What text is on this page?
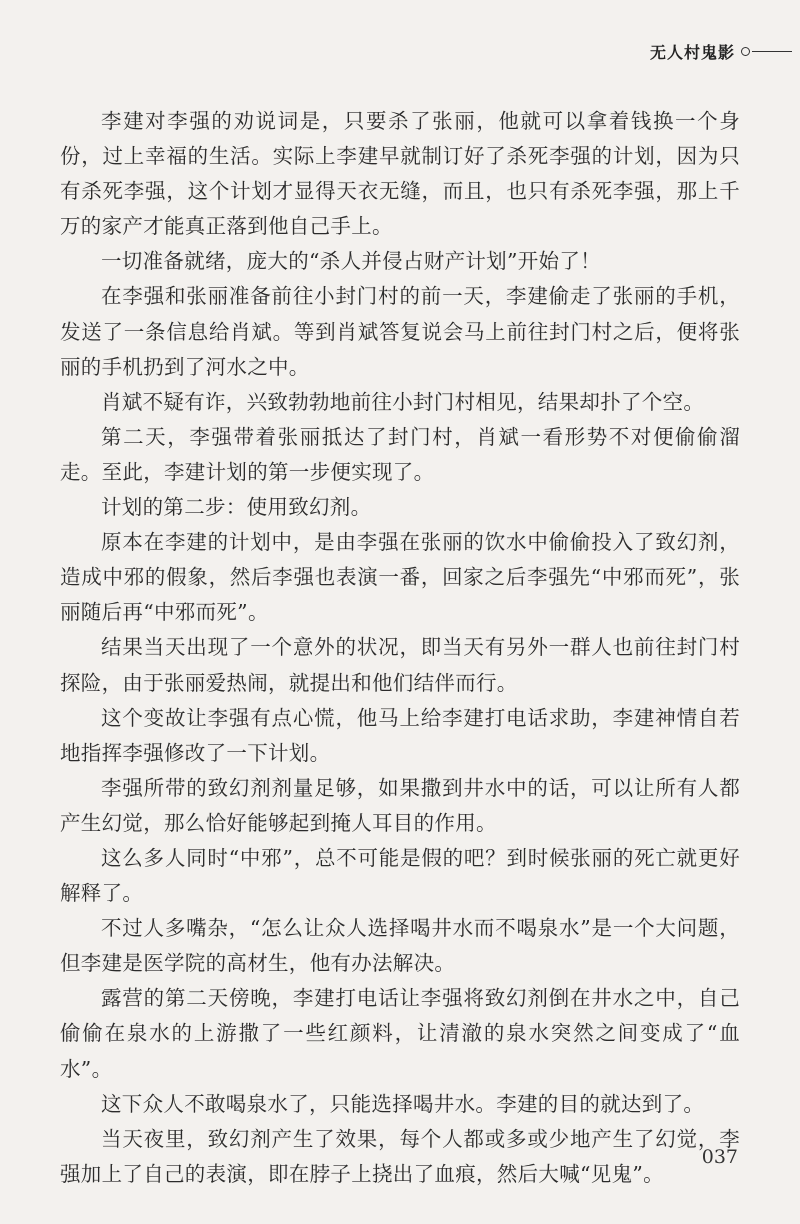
无人村鬼影

李建对李强的劝说词是，只要杀了张丽，他就可以拿着钱换一个身份，过上幸福的生活。实际上李建早就制订好了杀死李强的计划，因为只有杀死李强，这个计划才显得天衣无缝，而且，也只有杀死李强，那上千万的家产才能真正落到他自己手上。

一切准备就绪，庞大的“杀人并侵占财产计划”开始了！

在李强和张丽准备前往小封门村的前一天，李建偷走了张丽的手机，发送了一条信息给肖斌。等到肖斌答复说会马上前往封门村之后，便将张丽的手机扔到了河水之中。

肖斌不疑有诈，兴致勃勃地前往小封门村相见，结果却扑了个空。

第二天，李强带着张丽抵达了封门村，肖斌一看形势不对便偷偷溜走。至此，李建计划的第一步便实现了。

计划的第二步：使用致幻剂。

原本在李建的计划中，是由李强在张丽的饮水中偷偷投入了致幻剂，造成中邪的假象，然后李强也表演一番，回家之后李强先“中邪而死”，张丽随后再“中邪而死”。

结果当天出现了一个意外的状况，即当天有另外一群人也前往封门村探险，由于张丽爱热闹，就提出和他们结伴而行。

这个变故让李强有点心慌，他马上给李建打电话求助，李建神情自若地指挥李强修改了一下计划。

李强所带的致幻剂剂量足够，如果撒到井水中的话，可以让所有人都产生幻觉，那么恰好能够起到掩人耳目的作用。

这么多人同时“中邪”，总不可能是假的吧？到时候张丽的死亡就更好解释了。

不过人多嘴杂，“怎么让众人选择喝井水而不喝泉水”是一个大问题，但李建是医学院的高材生，他有办法解决。

露营的第二天傍晚，李建打电话让李强将致幻剂倒在井水之中，自己偷偷在泉水的上游撒了一些红颜料，让清澈的泉水突然之间变成了“血水”。

这下众人不敢喝泉水了，只能选择喝井水。李建的目的就达到了。

当天夜里，致幻剂产生了效果，每个人都或多或少地产生了幻觉，李强加上了自己的表演，即在脖子上挠出了血痕，然后大喊“见鬼”。

037
